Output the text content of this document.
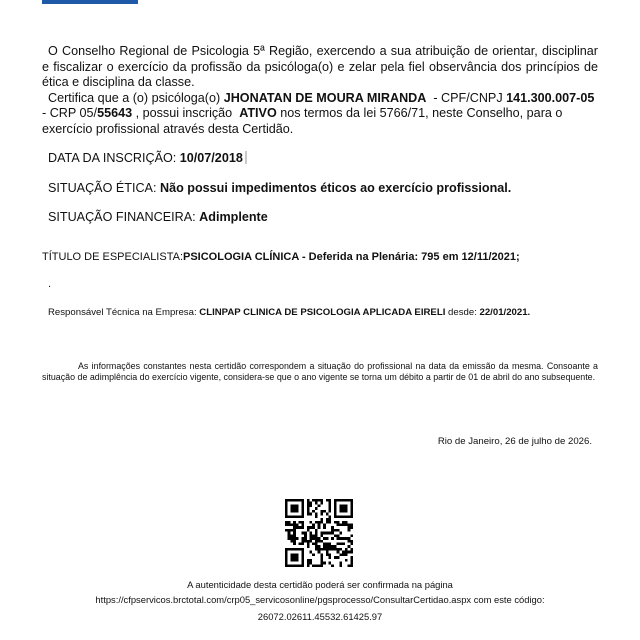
O Conselho Regional de Psicologia 5ª Região, exercendo a sua atribuição de orientar, disciplinar e fiscalizar o exercício da profissão da psicóloga(o) e zelar pela fiel observância dos princípios de ética e disciplina da classe.

Certifica que a (o) psicóloga(o) JHONATAN DE MOURA MIRANDA - CPF/CNPJ 141.300.007-05  - CRP 05/55643 , possui inscrição ATIVO nos termos da lei 5766/71, neste Conselho, para o exercício profissional através desta Certidão.

DATA DA INSCRIÇÃO: 10/07/2018
SITUAÇÃO ÉTICA: Não possui impedimentos éticos ao exercício profissional.
SITUAÇÃO FINANCEIRA: Adimplente
TÍTULO DE ESPECIALISTA:PSICOLOGIA CLÍNICA - Deferida na Plenária: 795 em 12/11/2021;
.
Responsável Técnica na Empresa: CLINPAP CLINICA DE PSICOLOGIA APLICADA EIRELI desde: 22/01/2021.

As informações constantes nesta certidão correspondem a situação do profissional na data da emissão da mesma. Consoante a situação de adimplência do exercício vigente, considera-se que o ano vigente se torna um débito a partir de 01 de abril do ano subsequente.

Rio de Janeiro, 26 de julho de 2026.
A autenticidade desta certidão poderá ser confirmada na página
https://cfpservicos.brctotal.com/crp05_servicosonline/pgsprocesso/ConsultarCertidao.aspx com este código:
26072.02611.45532.61425.97
